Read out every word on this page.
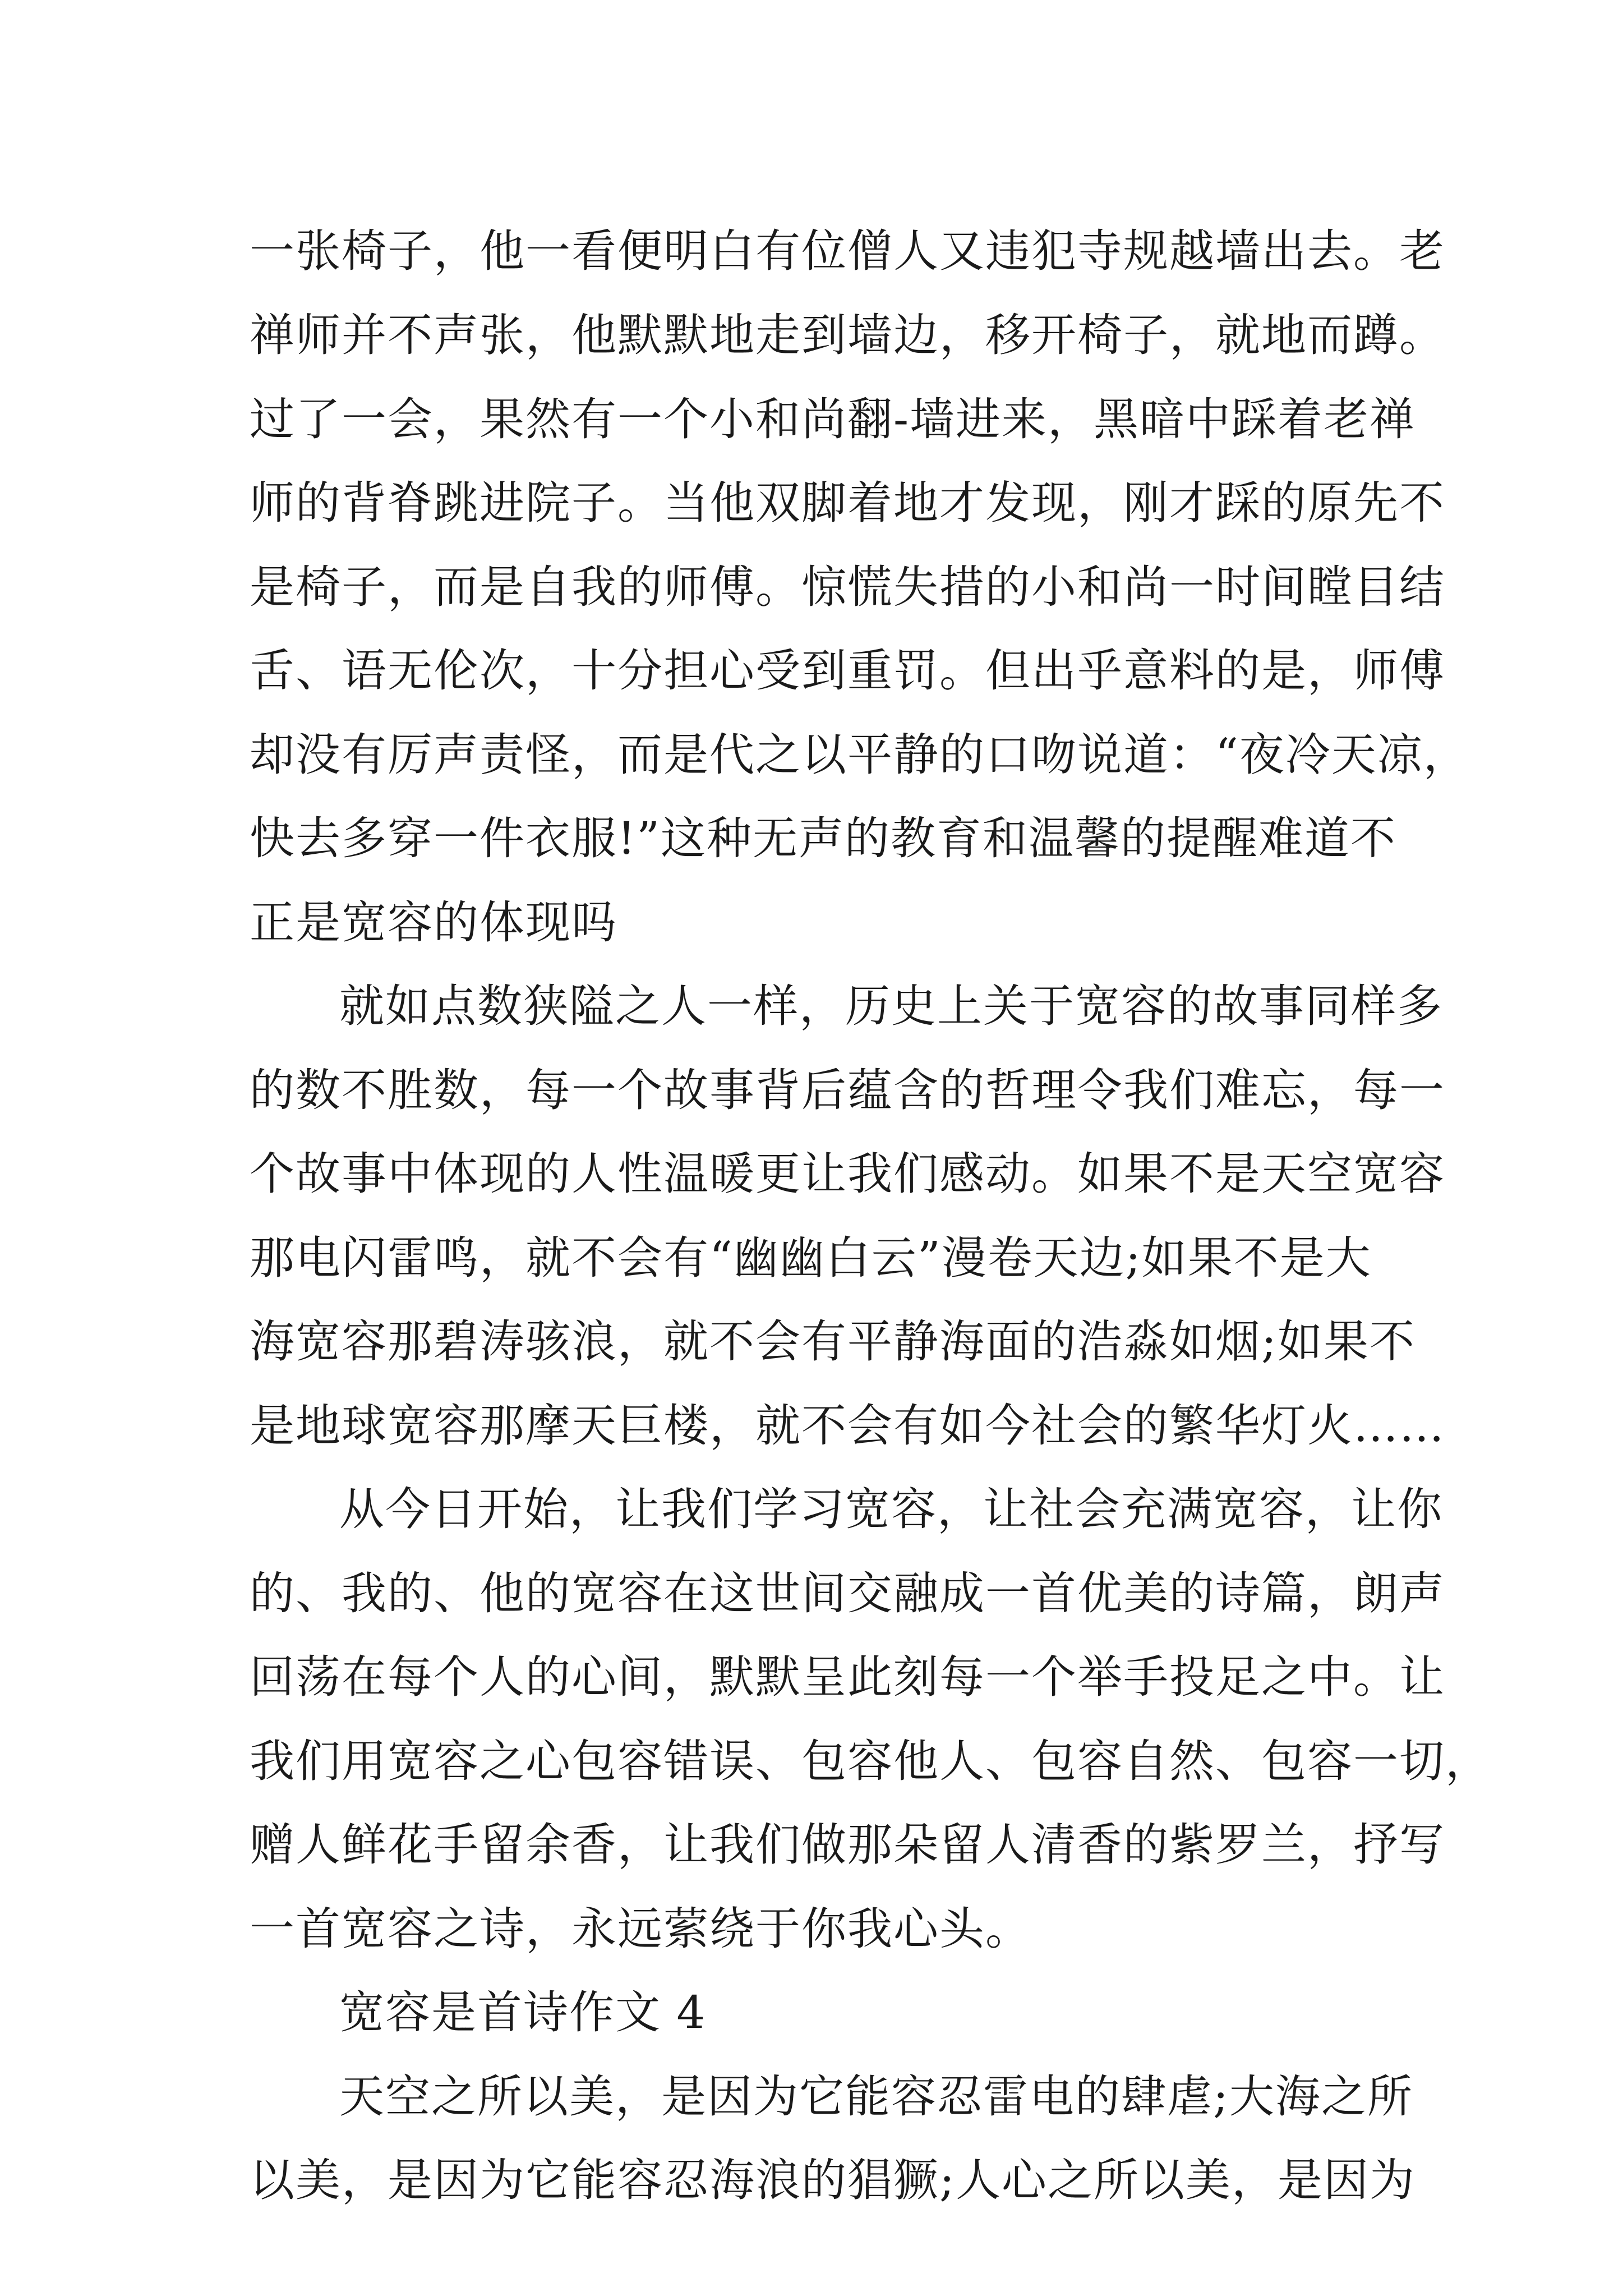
一张椅子，他一看便明白有位僧人又违犯寺规越墙出去。老
禅师并不声张，他默默地走到墙边，移开椅子，就地而蹲。
过了一会，果然有一个小和尚翻-墙进来，黑暗中踩着老禅
师的背脊跳进院子。当他双脚着地才发现，刚才踩的原先不
是椅子，而是自我的师傅。惊慌失措的小和尚一时间瞠目结
舌、语无伦次，十分担心受到重罚。但出乎意料的是，师傅
却没有厉声责怪，而是代之以平静的口吻说道：“夜冷天凉，
快去多穿一件衣服!”这种无声的教育和温馨的提醒难道不
正是宽容的体现吗
就如点数狭隘之人一样，历史上关于宽容的故事同样多
的数不胜数，每一个故事背后蕴含的哲理令我们难忘，每一
个故事中体现的人性温暖更让我们感动。如果不是天空宽容
那电闪雷鸣，就不会有“幽幽白云”漫卷天边;如果不是大
海宽容那碧涛骇浪，就不会有平静海面的浩淼如烟;如果不
是地球宽容那摩天巨楼，就不会有如今社会的繁华灯火……
从今日开始，让我们学习宽容，让社会充满宽容，让你
的、我的、他的宽容在这世间交融成一首优美的诗篇，朗声
回荡在每个人的心间，默默呈此刻每一个举手投足之中。让
我们用宽容之心包容错误、包容他人、包容自然、包容一切，
赠人鲜花手留余香，让我们做那朵留人清香的紫罗兰，抒写
一首宽容之诗，永远萦绕于你我心头。
宽容是首诗作文 4
天空之所以美，是因为它能容忍雷电的肆虐;大海之所
以美，是因为它能容忍海浪的猖獗;人心之所以美，是因为
